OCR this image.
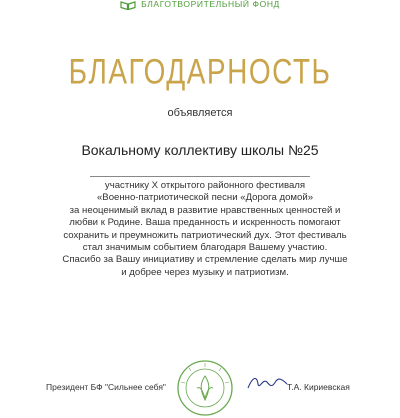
БЛАГОТВОРИТЕЛЬНЫЙ ФОНД
БЛАГОДАРНОСТЬ
объявляется
Вокальному коллективу школы №25
участнику X открытого районного фестиваля
«Военно-патриотической песни «Дорога домой»
за неоценимый вклад в развитие нравственных ценностей и
любви к Родине. Ваша преданность и искренность помогают
сохранить и преумножить патриотический дух. Этот фестиваль
стал значимым событием благодаря Вашему участию.
Спасибо за Вашу инициативу и стремление сделать мир лучше
и добрее через музыку и патриотизм.
Президент БФ "Сильнее себя"	Т.А. Кириевская
